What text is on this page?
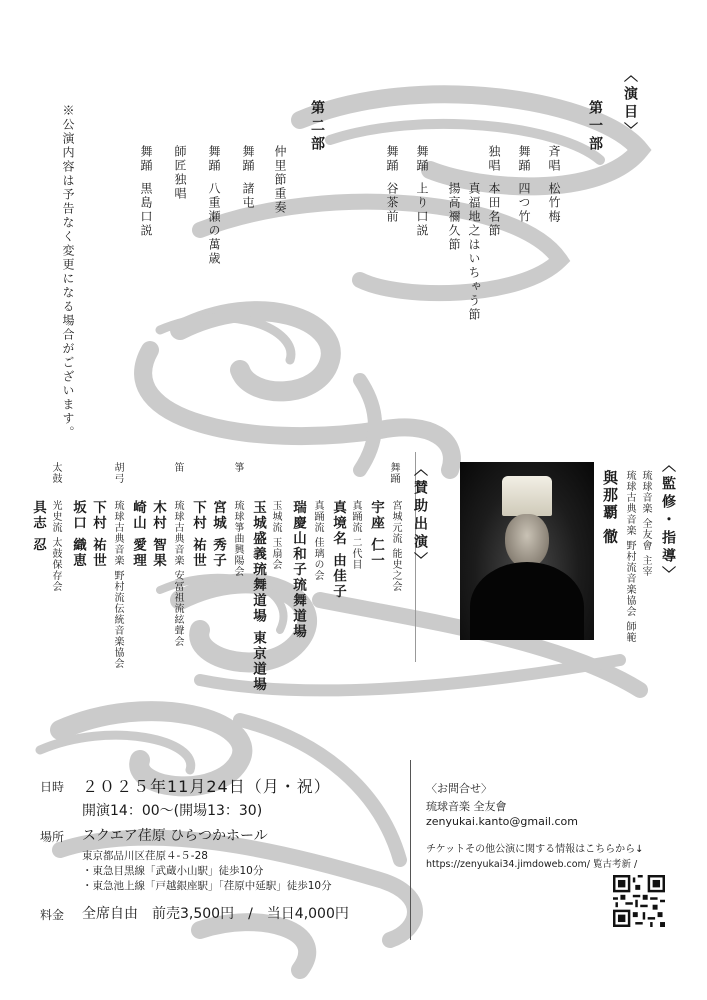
〈演目〉
第一部
斉唱
松竹梅
舞踊
四つ竹
独唱
本田名節
真福地之はいちゃう節
揚高禰久節
舞踊
上り口説
舞踊
谷茶前
第二部
仲里節重奏
舞踊
諸屯
舞踊
八重瀬の萬歳
師匠独唱
舞踊
黒島口説
※公演内容は予告なく変更になる場合がございます。
〈監修・指導〉
琉球音楽 全友會 主宰
琉球古典音楽 野村流音楽協会 師範
與那覇 徹
〈賛助出演〉
舞踊
宮城元流 能史之会
宇座 仁一
真踊流 二代目
真境名 由佳子
真踊流 佳璃の会
瑞慶山和子琉舞道場
玉城流 玉扇会
玉城盛義琉舞道場 東京道場
箏
琉球箏曲興陽会
宮城 秀子
下村 祐世
笛
琉球古典音楽 安冨祖流絃聲会
木村 智果
崎山 愛理
胡弓
琉球古典音楽 野村流伝統音楽協会
下村 祐世
坂口 織恵
太鼓
光史流 太鼓保存会
具志 忍
日時 ２０２５年11月24日（月・祝）
開演14：00～(開場13：30)
場所 スクエア荏原 ひらつかホール
東京都品川区荏原４-５-28
・東急目黒線「武蔵小山駅」徒歩10分
・東急池上線「戸越銀座駅」「荏原中延駅」徒歩10分
料金 全席自由　前売3,500円　/　当日4,000円
〈お問合せ〉
琉球音楽 全友會
zenyukai.kanto@gmail.com
チケットその他公演に関する情報はこちらから↓
https://zenyukai34.jimdoweb.com/ 覧古考新 /
